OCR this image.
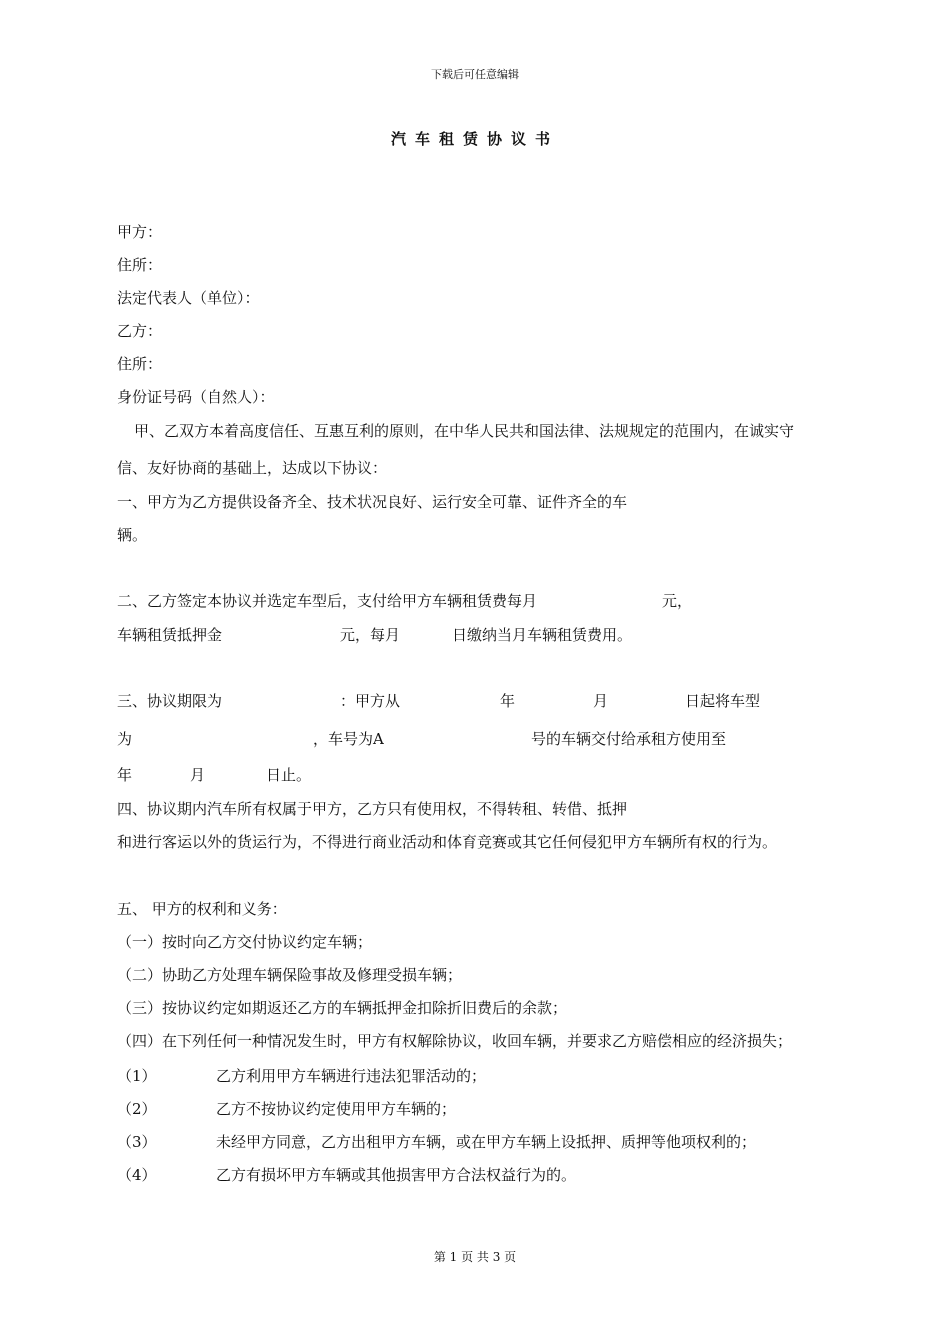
下载后可任意编辑
汽车租赁协议书
甲方：
住所：
法定代表人（单位）：
乙方：
住所：
身份证号码（自然人）：
甲、乙双方本着高度信任、互惠互利的原则，在中华人民共和国法律、法规规定的范围内，在诚实守
信、友好协商的基础上，达成以下协议：
一、甲方为乙方提供设备齐全、技术状况良好、运行安全可靠、证件齐全的车
辆。
二、乙方签定本协议并选定车型后，支付给甲方车辆租赁费每月	元，
车辆租赁抵押金	元，每月	日缴纳当月车辆租赁费用。
三、协议期限为	：甲方从	年	月	日起将车型
为	，车号为A	号的车辆交付给承租方使用至
年	月	日止。
四、协议期内汽车所有权属于甲方，乙方只有使用权，不得转租、转借、抵押
和进行客运以外的货运行为，不得进行商业活动和体育竞赛或其它任何侵犯甲方车辆所有权的行为。
五、 甲方的权利和义务：
（一）按时向乙方交付协议约定车辆；
（二）协助乙方处理车辆保险事故及修理受损车辆；
（三）按协议约定如期返还乙方的车辆抵押金扣除折旧费后的余款；
（四）在下列任何一种情况发生时，甲方有权解除协议，收回车辆，并要求乙方赔偿相应的经济损失；
（1）	乙方利用甲方车辆进行违法犯罪活动的；
（2）	乙方不按协议约定使用甲方车辆的；
（3）	未经甲方同意，乙方出租甲方车辆，或在甲方车辆上设抵押、质押等他项权利的；
（4）	乙方有损坏甲方车辆或其他损害甲方合法权益行为的。
第 1 页 共 3 页
